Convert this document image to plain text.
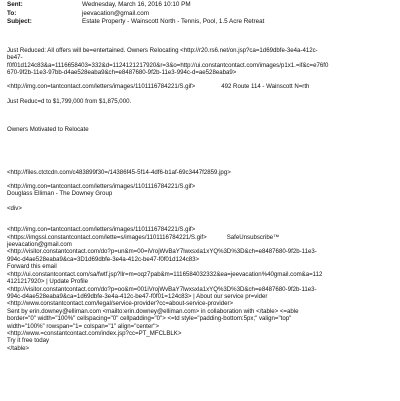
Sent:	Wednesday, March 16, 2016 10:10 PM
To:	jeevacation@gmail.com
Subject:	Estate Property - Wainscott North - Tennis, Pool, 1.5 Acre Retreat
Just Reduced: All offers will be=entertained. Owners Relocating <http://r20.rs6.net/on.jsp?ca=1d69dbfe-3e4a-412c-
be47-
f0f01d124c83&a=1116658403=332&d=1124121217920&r=3&o=http://ui.constantcontact.com/images/p1x1.=if&c=e76f0
670-9f2b-11e3-97bb-d4ae528eaba9&ch=e8487680-9f2b-11e3-994c-d=ae528eaba9>
<http://img.con=tantcontact.com/letters/images/1101116784221/S.gif>	492 Route 114 - Wainscott N=rth
Just Reduc=d to $1,799,000 from $1,875,000.
Owners Motivated to Relocate
<http://files.ctctcdn.com/c483899f30=/14386f45-5f14-4df6-b1af-69c3447f2859.jpg>
<http://img.con=tantcontact.com/letters/images/1101116784221/S.gif>
Douglass Elliman - The Downey Group
<div>
<http://img.con=tantcontact.com/letters/images/1101116784221/S.gif>
<https://imgssl.constantcontact.com/lette=s/images/1101116784221/S.gif>	SafeUnsubscribe™
jeevacation@gmail.com
<http://visitor.constantcontact.com/do?p=un&m=00=iVrojWvBaY7lwxsxla1xYQ%3D%3D&ch=e8487680-9f2b-11e3-
994c-d4ae528eaba9&ca=3D1d69dbfe-3e4a-412c-be47-f0f01d124c83>
Forward this email
<http://ui.constantcontact.com/sa/fwtf.jsp?llr=m=oqz7pab&m=1116584032332&ea=jeevacation%40gmail.com&a=112
4121217920> | Update Profile
<http://visitor.constantcontact.com/do?p=oo&m=001iVrojWvBaY7lwxsxla1xYQ%3D%3D&ch=e8487680-9f2b-11e3-
994c-d4ae528eaba9&ca=1d69dbfe-3e4a-412c-be47-f0f01=124c83> | About our service pr=vider
<http://www.constantcontact.com/legal/service-provider?cc=about-service-provider>
Sent by erin.downey@elliman.com <mailto:erin.downey@elliman.com> in collaboration with </table> <=able
border="0" width="100%" cellspacing="0" cellpadding="0"> <=td style="padding-bottom:5px;" valign="top"
width="100%" rowspan="1= colspan="1" align="center">
<http://www.=constantcontact.com/index.jsp?cc=PT_MFCLBLK>
Try it free today
</table>
